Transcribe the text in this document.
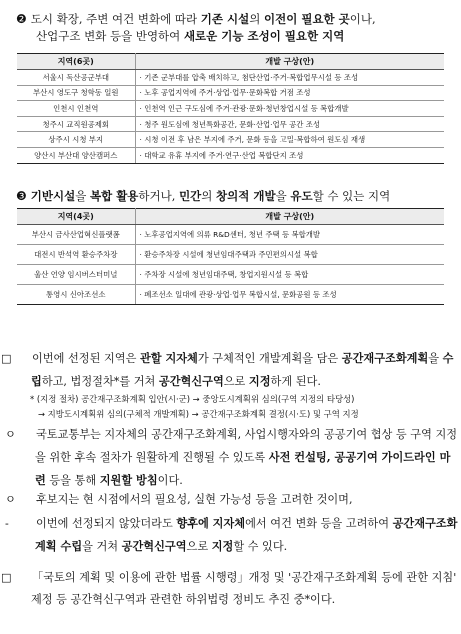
❷ 도시 확장, 주변 여건 변화에 따라 기존 시설의 이전이 필요한 곳이나,
산업구조 변화 등을 반영하여 새로운 기능 조성이 필요한 지역
지역(6곳)	개발 구상(안)
서울시 독산공군부대	· 기존 군부대를 압축 배치하고, 첨단산업·주거·복합업무시설 등 조성
부산시 영도구 청학동 일원	· 노후 공업지역에 주거·상업·업무·문화복합 거점 조성
인천시 인천역	· 인천역 인근 구도심에 주거·관광·문화·청년창업시설 등 복합개발
청주시 교직원공제회	· 청주 원도심에 청년특화공간, 문화·산업·업무 공간 조성
상주시 시청 부지	· 시청 이전 후 남은 부지에 주거, 문화 등을 고밀·복합하여 원도심 재생
양산시 부산대 양산캠퍼스	· 대학교 유휴 부지에 주거·연구·산업 복합단지 조성
❸ 기반시설을 복합 활용하거나, 민간의 창의적 개발을 유도할 수 있는 지역
지역(4곳)	개발 구상(안)
부산시 금사산업혁신플랫폼	· 노후공업지역에 의류 R&D센터, 청년 주택 등 복합개발
대전시 반석역 환승주차장	· 환승주차장 시설에 청년임대주택과 주민편의시설 복합
울산 언양 임시버스터미널	· 주차장 시설에 청년임대주택, 창업지원시설 등 복합
통영시 신아조선소	· 폐조선소 일대에 관광·상업·업무 복합시설, 문화공원 등 조성
□ 이번에 선정된 지역은 관할 지자체가 구체적인 개발계획을 담은 공간재구조화계획을 수립하고, 법정절차*를 거쳐 공간혁신구역으로 지정하게 된다.
* (지정 절차) 공간재구조화계획 입안(시·군) → 중앙도시계획위 심의(구역 지정의 타당성)
→ 지방도시계획위 심의(구체적 개발계획) → 공간재구조화계획 결정(시·도) 및 구역 지정
ㅇ 국토교통부는 지자체의 공간재구조화계획, 사업시행자와의 공공기여 협상 등 구역 지정을 위한 후속 절차가 원활하게 진행될 수 있도록 사전 컨설팅, 공공기여 가이드라인 마련 등을 통해 지원할 방침이다.
ㅇ 후보지는 현 시점에서의 필요성, 실현 가능성 등을 고려한 것이며,
- 이번에 선정되지 않았더라도 향후에 지자체에서 여건 변화 등을 고려하여 공간재구조화계획 수립을 거쳐 공간혁신구역으로 지정할 수 있다.
□ 「국토의 계획 및 이용에 관한 법률 시행령」개정 및 '공간재구조화계획 등에 관한 지침' 제정 등 공간혁신구역과 관련한 하위법령 정비도 추진 중*이다.
